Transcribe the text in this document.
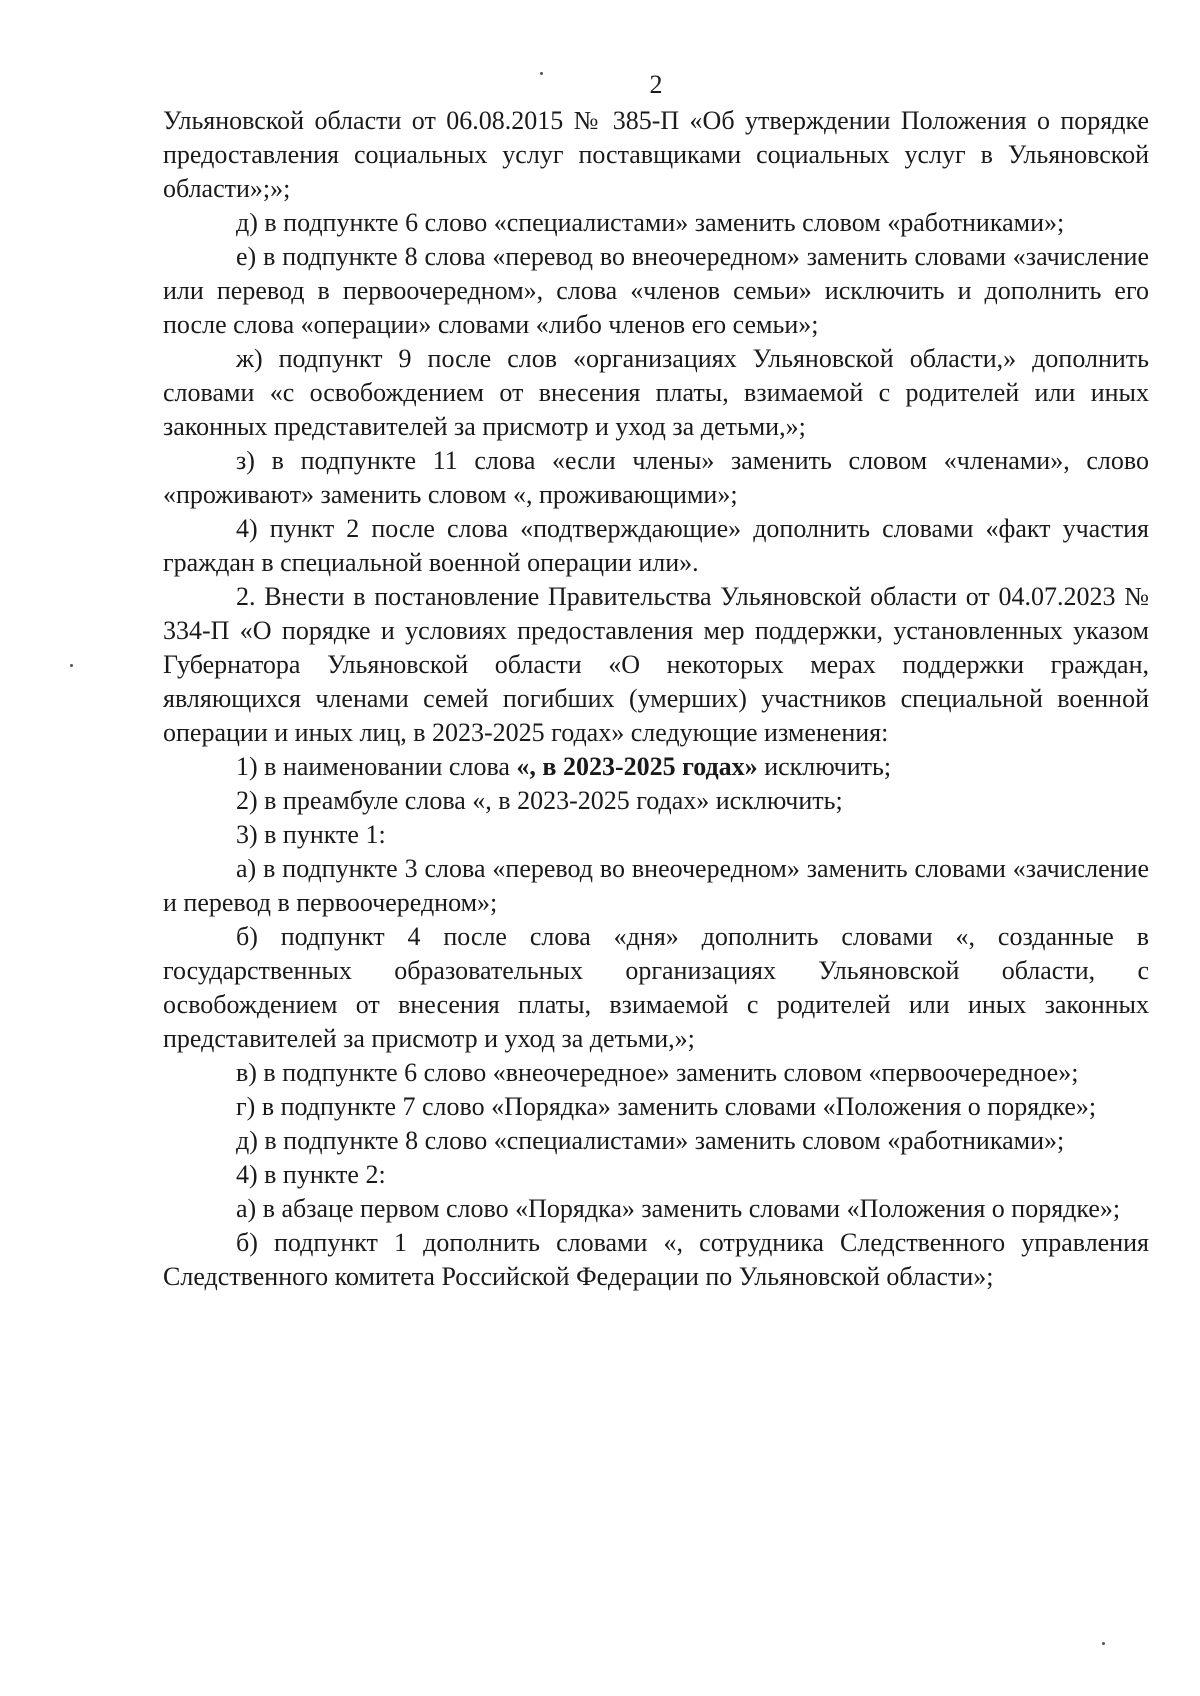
2

Ульяновской области от 06.08.2015 № 385-П «Об утверждении Положения о порядке предоставления социальных услуг поставщиками социальных услуг в Ульяновской области»;»;

д) в подпункте 6 слово «специалистами» заменить словом «работниками»;

е) в подпункте 8 слова «перевод во внеочередном» заменить словами «зачисление или перевод в первоочередном», слова «членов семьи» исключить и дополнить его после слова «операции» словами «либо членов его семьи»;

ж) подпункт 9 после слов «организациях Ульяновской области,» дополнить словами «с освобождением от внесения платы, взимаемой с родителей или иных законных представителей за присмотр и уход за детьми,»;

з) в подпункте 11 слова «если члены» заменить словом «членами», слово «проживают» заменить словом «, проживающими»;

4) пункт 2 после слова «подтверждающие» дополнить словами «факт участия граждан в специальной военной операции или».

2. Внести в постановление Правительства Ульяновской области от 04.07.2023 № 334-П «О порядке и условиях предоставления мер поддержки, установленных указом Губернатора Ульяновской области «О некоторых мерах поддержки граждан, являющихся членами семей погибших (умерших) участников специальной военной операции и иных лиц, в 2023-2025 годах» следующие изменения:

1) в наименовании слова «, в 2023-2025 годах» исключить;

2) в преамбуле слова «, в 2023-2025 годах» исключить;

3) в пункте 1:

а) в подпункте 3 слова «перевод во внеочередном» заменить словами «зачисление и перевод в первоочередном»;

б) подпункт 4 после слова «дня» дополнить словами «, созданные в государственных образовательных организациях Ульяновской области, с освобождением от внесения платы, взимаемой с родителей или иных законных представителей за присмотр и уход за детьми,»;

в) в подпункте 6 слово «внеочередное» заменить словом «первоочередное»;

г) в подпункте 7 слово «Порядка» заменить словами «Положения о порядке»;

д) в подпункте 8 слово «специалистами» заменить словом «работниками»;

4) в пункте 2:

а) в абзаце первом слово «Порядка» заменить словами «Положения о порядке»;

б) подпункт 1 дополнить словами «, сотрудника Следственного управления Следственного комитета Российской Федерации по Ульяновской области»;
